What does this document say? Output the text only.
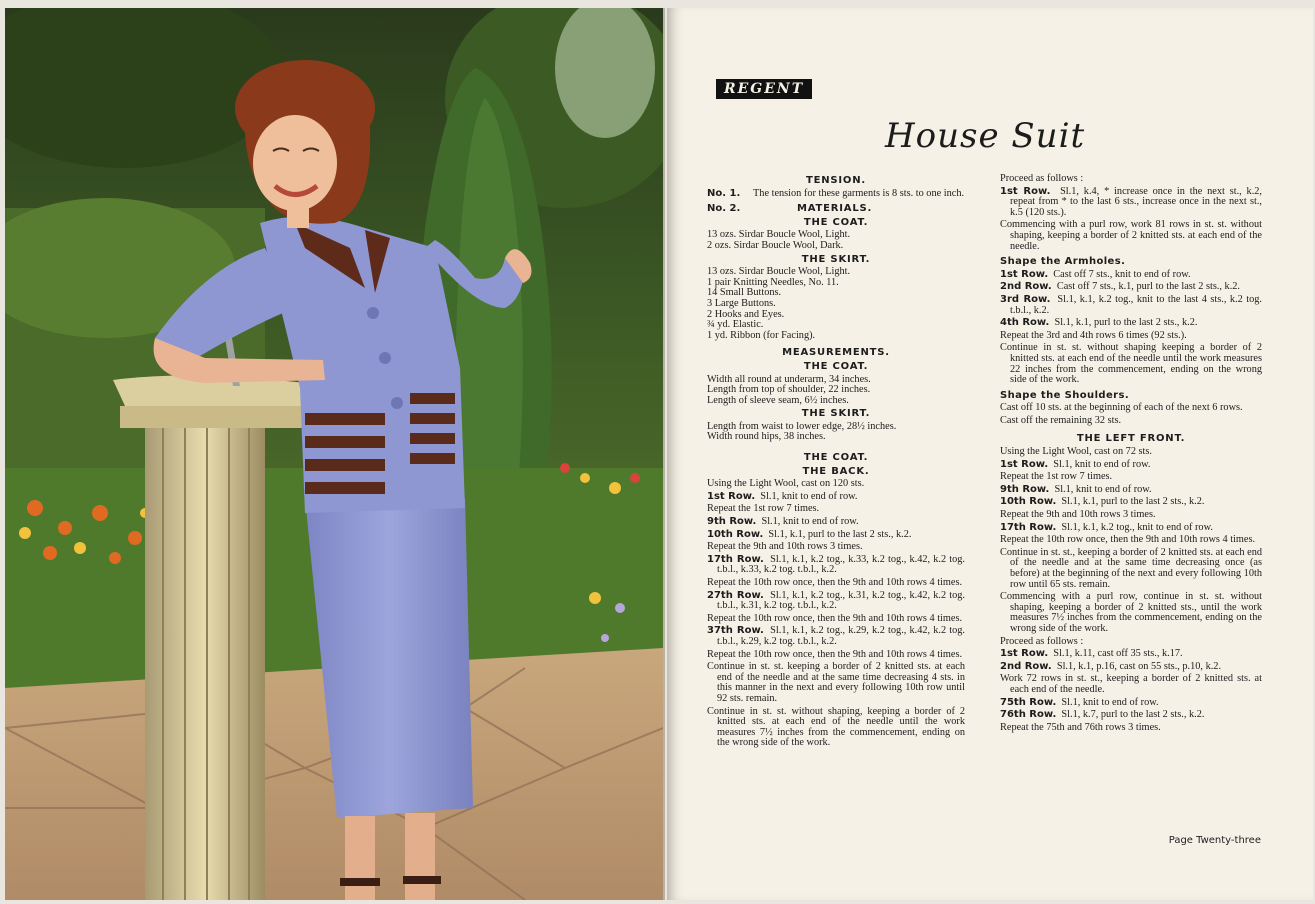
REGENT
House Suit
TENSION.
No. 1.	The tension for these garments is 8 sts. to one inch.
No. 2.	MATERIALS.
THE COAT.
13 ozs. Sirdar Boucle Wool, Light.
2 ozs. Sirdar Boucle Wool, Dark.
THE SKIRT.
13 ozs. Sirdar Boucle Wool, Light.
1 pair Knitting Needles, No. 11.
14 Small Buttons.
3 Large Buttons.
2 Hooks and Eyes.
¾ yd. Elastic.
1 yd. Ribbon (for Facing).
MEASUREMENTS.
THE COAT.
Width all round at underarm, 34 inches.
Length from top of shoulder, 22 inches.
Length of sleeve seam, 6½ inches.
THE SKIRT.
Length from waist to lower edge, 28½ inches.
Width round hips, 38 inches.
THE COAT.
THE BACK.
Using the Light Wool, cast on 120 sts.
1st Row. Sl.1, knit to end of row.
Repeat the 1st row 7 times.
9th Row. Sl.1, knit to end of row.
10th Row. Sl.1, k.1, purl to the last 2 sts., k.2.
Repeat the 9th and 10th rows 3 times.
17th Row. Sl.1, k.1, k.2 tog., k.33, k.2 tog., k.42, k.2 tog. t.b.l., k.33, k.2 tog. t.b.l., k.2.
Repeat the 10th row once, then the 9th and 10th rows 4 times.
27th Row. Sl.1, k.1, k.2 tog., k.31, k.2 tog., k.42, k.2 tog. t.b.l., k.31, k.2 tog. t.b.l., k.2.
Repeat the 10th row once, then the 9th and 10th rows 4 times.
37th Row. Sl.1, k.1, k.2 tog., k.29, k.2 tog., k.42, k.2 tog. t.b.l., k.29, k.2 tog. t.b.l., k.2.
Repeat the 10th row once, then the 9th and 10th rows 4 times.
Continue in st. st. keeping a border of 2 knitted sts. at each end of the needle and at the same time decreasing 4 sts. in this manner in the next and every following 10th row until 92 sts. remain.
Continue in st. st. without shaping, keeping a border of 2 knitted sts. at each end of the needle until the work measures 7½ inches from the commencement, ending on the wrong side of the work.
Proceed as follows :
1st Row. Sl.1, k.4, * increase once in the next st., k.2, repeat from * to the last 6 sts., increase once in the next st., k.5 (120 sts.).
Commencing with a purl row, work 81 rows in st. st. without shaping, keeping a border of 2 knitted sts. at each end of the needle.
Shape the Armholes.
1st Row. Cast off 7 sts., knit to end of row.
2nd Row. Cast off 7 sts., k.1, purl to the last 2 sts., k.2.
3rd Row. Sl.1, k.1, k.2 tog., knit to the last 4 sts., k.2 tog. t.b.l., k.2.
4th Row. Sl.1, k.1, purl to the last 2 sts., k.2.
Repeat the 3rd and 4th rows 6 times (92 sts.).
Continue in st. st. without shaping keeping a border of 2 knitted sts. at each end of the needle until the work measures 22 inches from the commencement, ending on the wrong side of the work.
Shape the Shoulders.
Cast off 10 sts. at the beginning of each of the next 6 rows.
Cast off the remaining 32 sts.
THE LEFT FRONT.
Using the Light Wool, cast on 72 sts.
1st Row. Sl.1, knit to end of row.
Repeat the 1st row 7 times.
9th Row. Sl.1, knit to end of row.
10th Row. Sl.1, k.1, purl to the last 2 sts., k.2.
Repeat the 9th and 10th rows 3 times.
17th Row. Sl.1, k.1, k.2 tog., knit to end of row.
Repeat the 10th row once, then the 9th and 10th rows 4 times.
Continue in st. st., keeping a border of 2 knitted sts. at each end of the needle and at the same time decreasing once (as before) at the beginning of the next and every following 10th row until 65 sts. remain.
Commencing with a purl row, continue in st. st. without shaping, keeping a border of 2 knitted sts., until the work measures 7½ inches from the commencement, ending on the wrong side of the work.
Proceed as follows :
1st Row. Sl.1, k.11, cast off 35 sts., k.17.
2nd Row. Sl.1, k.1, p.16, cast on 55 sts., p.10, k.2.
Work 72 rows in st. st., keeping a border of 2 knitted sts. at each end of the needle.
75th Row. Sl.1, knit to end of row.
76th Row. Sl.1, k.7, purl to the last 2 sts., k.2.
Repeat the 75th and 76th rows 3 times.
Page Twenty-three
